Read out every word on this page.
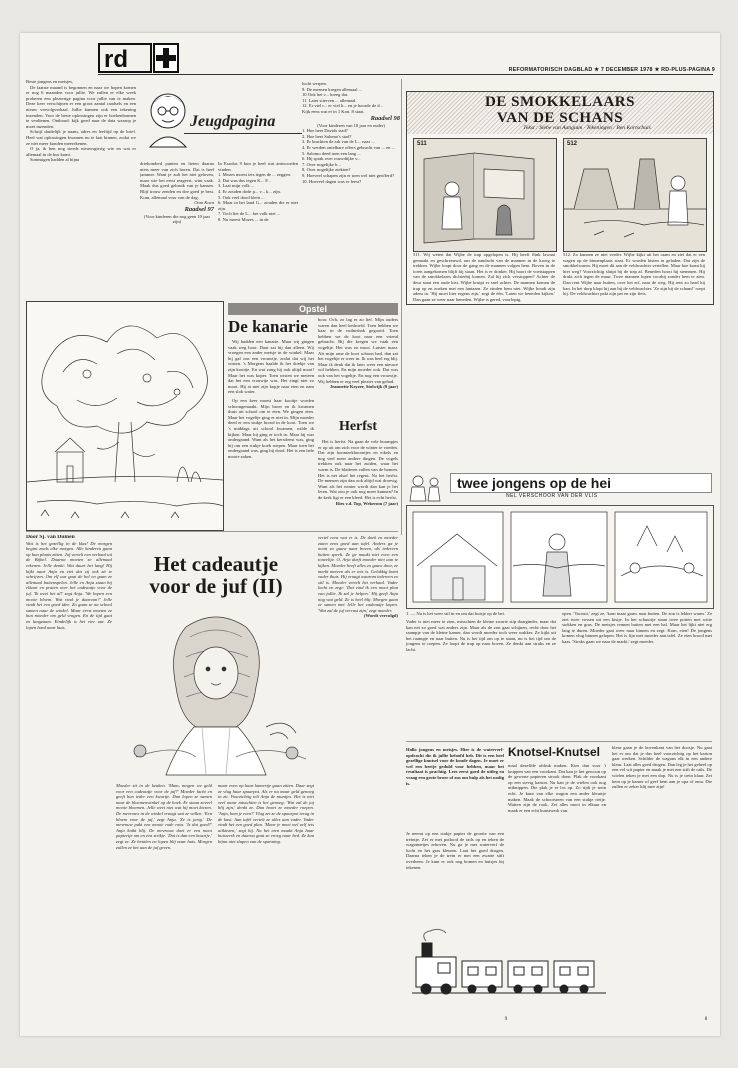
rd	REFORMATORISCH DAGBLAD ★ 7 DECEMBER 1978 ★ RD-PLUS-PAGINA 9

Beste jongens en meisjes,

De laatste maand is begonnen en naar we hopen komen er nog 6 maanden voor jullie. We zullen er elke week proberen een plezierige pagina voor jullie van te maken. Deze keer verschijnen er een groot aantal raadsels en een nieuw vervolgverhaal. Jullie kunnen ook een tekening inzenden. Voor de beste oplossingen zijn er boekenbonnen te verdienen. Onthoud: kijk goed naar de data waarop je moet inzenden.

Schrijf duidelijk je naam, adres en leeftijd op de brief. Heel wat oplossingen kwamen nu te laat binnen, zodat we ze niet meer konden meerekenen.

O ja, ik ben nog steeds nieuwsgierig wie en wat er allemaal in de bus komt.

Sommigen hadden al bijna

Jeugdpagina

driehonderd punten en lieten daarna niets meer van zich horen. Dat is heel jammer. Want je zult het niet geloven, maar wie het eerst reageert, wint vaak. Maak dus goed gebruik van je kansen. Blijf trouw zenden en doe goed je best. Kom, allemaal voor van de dag.

Oom Koen

Raadsel 97

(Voor kinderen die nog geen 10 jaar zijn)

In Exodus 9 kun je heel wat antwoorden vinden.

1. Mozes moest iets tegen de ... zeggen.

2. Dat was dus tegen K... F...

3. Laat mijn volk ...

4. Er zouden dode p... v... k... zijn.

5. Ook veel dood klein ...

6. Maar in het land G... zouden die er niet zijn.

7. Toch liet de L... het volk niet ...

8. Nu moest Mozes ... in de

lucht werpen.

9. De mensen kregen allemaal ...

10 Ook het v... kreeg dat.

11. Later stierven ... allemaal.

12. Er viel r... er viel h... en je hoorde de d...

Kijk eens wat er in 1 Kon. 8 staat.

Raadsel 98

(Voor kinderen van 10 jaar en ouder)

1. Hoe heet Davids stad?

2. Hoe heet Salomo's stad?

3. Er brachten de ark van de L... naar ...

4. Er werden ontelbare offers gebracht van ... en ...

5. Salomo deed toen een lang ...

6. Hij sprak over rouwdiijke v...

7. Over nogelijke h...

8. Over nogelijke ziekten?

9. Hoeveel schapen zijn er toen wel niet geofferd?

10. Hoeveel dagen was er feest?

Opstel
De kanarie

Wij hadden een kanarie. Maar wij gingen vaak weg hoor. Daar zat hij dan alleen. Wij vroegen een ander meisje in de winkel. Maar hij gaf ons een vrouwtje, zodat dat wij het wisten. 's Morgens haalde ik het doekje van zijn kooitje. En wat zong hij ook altijd mooi! Maar het was koper. Toen wisten we meteen dat het een vrouwtje was. Het zingt niet zo mooi. Hij at met zijn kopje naar eten en nam een slok water.

Op een keer moest haar kooitje worden schoongemaakt. Mijn broer en ik kwamen thuis uit school om te eten. We gingen eten. Maar het vogeltje ging er niet in. Mijn moeder deed er een stukje brood in de kooi. Toen we 's middags uit school kwamen, wilde ik kijken. Maar hij ging er toch in. Maar hij was ondergaand. Want als het kerstfeest was, ging hij om een stukje koek roepen. Maar toen het ondergaand was, ging hij dood. Het is een hele mooie zaken.

hoor. Och, zo lag er zo lief. Mijn ouders waren dan heel bedroefd. Toen hebben we haar in de vuilnisbak gegooid. Toen hebben we de kooi naar een vriend gebracht. Bij die kregen we vaak een vogeltje. Het was zo mooi. Luister maar. Als mijn ome de kooi schoon had, dan zat het vogeltje er weer in. Ik was heel erg blij. Maar ik denk dat ik later weer een nieuwe wil hebben. En mijn moeder ook. Dat was ook van het vogeltje. En nog een vrouwtje. Wij hebben er erg veel plezier van gehad.

Jeannette Keyzer, Stolwijk (9 jaar)

Herfst

Het is herfst. Na gaan de vele boompjes er op uit om zich voor de winter te voeden. Dat zijn boomeekhoorntjes en eikels en nog veel meer andere dingen. De vogels trekken ook naar het zuiden, waar het warm is. De bladeren vallen van de bomen. Het is net alsof het regent. Na het herfst. De mensen zijn dan ook altijd wat droevig. Want als het winter wordt dan kan je het leren. Wat zou je ook nog meer kunnen? In de kerk ligt er een kleed. Het is echt herfst.

Ries v.d. Top, Wekerom (7 jaar)

Door Sj. van Duinen

Wat is het gezellig in de klas! De morgen begint zoals elke morgen. Alle kinderen gaan op hun plaats zitten. Juf vertelt een verhaal uit de Bijbel. Daarna moeten ze allemaal rekenen. Jelle denkt: Wat duurt het lang! Hij kijkt naar Anja en ziet dat zij ook zit te schrijven. Om elf uur gaat de bel en gaan ze allemaal buitenspelen. Jelle en Anja staan bij elkaar en praten over het cadeautje voor de juf. 'Ik weet het al!' zegt Anja. 'We kopen een mooie bloem. Wat vind je daarvan?' Jelle vindt het een goed idee. Zo gaan ze na school samen naar de winkel. Maar eerst moeten ze hun moeder om geld vragen. En de tijd gaat zo langzaam. Eindelijk is het vier uur. Ze lopen hard naar huis.

Het cadeautje
voor de juf (II)

Moeder zit in de keuken. 'Mam, mogen we geld voor een cadeautje voor de juf?' Moeder lacht en geeft hun ieder een kwartje. Dan lopen ze samen naar de bloemenwinkel op de hoek. Er staan zoveel mooie bloemen. Jelle weet niet wat hij moet kiezen. De mevrouw in de winkel vraagt wat ze willen. 'Een bloem voor de juf,' zegt Anja. 'Ze is jarig.' De mevrouw pakt een mooie rode roos. 'Is dat goed?' Anja knikt blij. De mevrouw doet er een mooi papiertje om en een strikje. 'Dat is dan een kwartje,' zegt ze. Ze betalen en lopen blij naar huis. Morgen zullen ze het aan de juf geven.

maar even op haar kamertje gaan zitten. Daar zegt ze vlug haar spaarpot. Als er nu maar geld genoeg in zit. Voorzichtig telt Anja de muntjes. Het is niet veel maar misschien is het genoeg. 'Wat zal de juf blij zijn,' denkt ze. Dan hoort ze moeder roepen. 'Anja, kom je eten?' Vlug zet ze de spaarpot terug in de kast. Aan tafel vertelt ze alles aan vader. Vader vindt het een goed plan. 'Maar je moet wel zelf iets uitkiezen,' zegt hij. Na het eten maakt Anja haar huiswerk en daarna gaat ze vroeg naar bed. Ze kan bijna niet slapen van de spanning.

vertel eens wat er is. De doek en moeder zaten eens goed aan tafel. Anders ga je nooit zo gauw naar boven, als iedereen buiten speelt. Ze ge maakt niet even een toneeltje. O, Arja durft moeder niet aan te kijken. Moeder heeft alles zo gauw door, ze merkt meteen als er iets is. Gelukkig komt vader thuis. Hij vraagt waarom iedereen zo stil is. Moeder vertelt het verhaal. Vader lacht en zegt: 'Dat vind ik een mooi plan van jullie. Ik zal je helpen.' Hij geeft Anja nog wat geld. Ze is heel blij. Morgen gaan ze samen met Jelle het cadeautje kopen. 'Wat zal de juf verrast zijn,' zegt moeder.

(Wordt vervolgd)

DE SMOKKELAARS
VAN DE SCHANS
Tekst : Siebe van Aangium · Tekeningen : Ben Kortschuis
511	512
511. Wij weten dat Wijbe de trap opgelopen is. Hij heeft flink lawaai gemaakt en geschreeuwd, om de aandacht van de mannen in de kroeg te trekken. Wijbe loopt door de gang en de mannen volgen hem. Boven in de toren aangekomen blijft hij staan. Het is er donker. Hij hoort de voetstappen van de smokkelaars dichterbij komen. Zal hij zich verstoppen? Achter de deur staat een oude kist. Wijbe kruipt er snel achter. De mannen komen de trap op en zoeken met een lantaarn. Ze vinden hem niet. Wijbe houdt zijn adem in. 'Hij moet hier ergens zijn,' zegt de één. 'Laten we beneden kijken.' Dan gaan ze weer naar beneden. Wijbe is gered, voorlopig.
512. Zo kunnen ze niet verder. Wijbe kijkt uit het raam en ziet dat er een wagen op de binnenplaats staat. Er worden kisten in geladen. Dat zijn de smokkelwaren. Hij moet dit aan de veldwachter vertellen. Maar hoe komt hij hier weg? Voorzichtig sluipt hij de trap af. Beneden hoort hij stemmen. Hij drukt zich tegen de muur. Twee mannen lopen voorbij zonder hem te zien. Dan rent Wijbe naar buiten, over het erf, naar de weg. Hij rent zo hard hij kan. In het dorp klopt hij aan bij de veldwachter. 'Ze zijn bij de schans!' roept hij. De veldwachter pakt zijn pet en zijn fiets.
twee jongens op de hei
NEL VERSCHOOR VAN DER VLIS
1. — Nu is het weer stil in en om dat huisje op de hei.
Vader is niet meer te zien, misschien de kleine zwarte stip daarginder, maar dat kan net zo goed wat anders zijn. Maar als de zon gaat schijnen, recht door het raampje van de kleine kamer, dan wordt moeder toch weer wakker. Ze kijkt uit het raampje en naar buiten. Nu is het tijd om op te staan, nu is het tijd om de jongens te roepen. Ze loopt de trap op naar boven. Ze denkt aan straks en ze lacht.
open. 'Vooruit,' zegt ze, 'kom maar gauw naar buiten. De zon is lekker warm.' Ze ziet twee vossen uit een kistje. In het schuurtje staan twee potten met witte stokken en gras. De meisjes rennen buiten met een bal. Maar het lijkt niet erg lang te duren. Moeder gaat weer naar binnen en zegt: Kom, eten! De jongens komen vlug binnen gelopen. Het is fijn met moeder aan tafel. Ze eten brood met kaas. 'Straks gaan we naar de markt,' zegt moeder.
Hallo jongens en meisjes. Hier is de waterverf-opdracht die ik jullie beloofd heb. Dit is een heel gezellige knutsel voor de koude dagen. Je moet er wel een beetje geduld voor hebben, maar het resultaat is prachtig. Lees eerst goed de uitleg en vraag een grote broer of zus om hulp als het nodig is.
Je neemt op een stukje papier de grootte van een treintje. Zet er met potlood de rails op en teken de wagonnetjes erboven. Nu ga je met waterverf de lucht en het gras kleuren. Laat het goed drogen. Daarna teken je de trein er met een zwarte stift overheen. Je kunt er ook nog bomen en huisjes bij tekenen.
Knotsel-Knutsel
maal dezelfde afdruk maken. Kies dan voor 't knippen van een voorkant. Dat kan je het gewoon op de gewone papieren strook doen. Plak de voorkant op een stevig karton. Nu kan je de wielen ook nog uitknippen. Die plak je er los op. Zo rijdt je trein echt. Je kunt van elke wagon een ander kleurtje maken. Maak de schoorsteen van een stukje rietje. Watten zijn de rook. Zet alles mooi in elkaar en maak er een echt kunstwerk van.
kleur gaan je de bovenkant van het doosje. Nu gaat het er om dat je dus heel voorzichtig op het karton gaat werken. Schilder de wagons elk in een andere kleur. Laat alles goed drogen. Dan leg je het geheel op een vel wit papier en maak je met een stift de rails. De wielen teken je met een dop. Nu is je trein klaar. Zet hem op je kamer of geef hem aan je opa of oma. Die zullen er zeker blij mee zijn!
9	8
